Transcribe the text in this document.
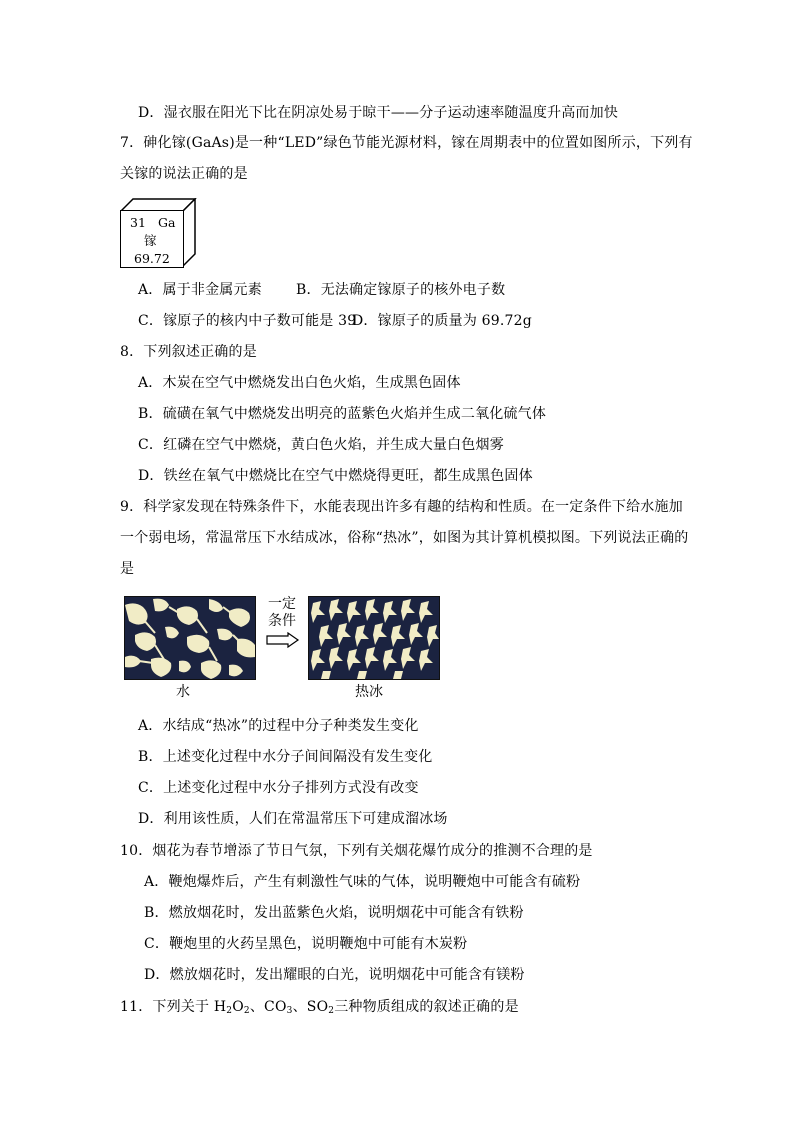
D．湿衣服在阳光下比在阴凉处易于晾干——分子运动速率随温度升高而加快
7．砷化镓(GaAs)是一种“LED”绿色节能光源材料，镓在周期表中的位置如图所示，下列有
关镓的说法正确的是
31 Ga
镓
69.72
A．属于非金属元素 B．无法确定镓原子的核外电子数
C．镓原子的核内中子数可能是 39
D．镓原子的质量为 69.72g
8．下列叙述正确的是
A．木炭在空气中燃烧发出白色火焰，生成黑色固体
B．硫磺在氧气中燃烧发出明亮的蓝紫色火焰并生成二氧化硫气体
C．红磷在空气中燃烧，黄白色火焰，并生成大量白色烟雾
D．铁丝在氧气中燃烧比在空气中燃烧得更旺，都生成黑色固体
9．科学家发现在特殊条件下，水能表现出许多有趣的结构和性质。在一定条件下给水施加
一个弱电场，常温常压下水结成冰，俗称“热冰”，如图为其计算机模拟图。下列说法正确的
是
水
一定
条件
热冰
A．水结成“热冰”的过程中分子种类发生变化
B．上述变化过程中水分子间间隔没有发生变化
C．上述变化过程中水分子排列方式没有改变
D．利用该性质，人们在常温常压下可建成溜冰场
10．烟花为春节增添了节日气氛，下列有关烟花爆竹成分的推测不合理的是
A．鞭炮爆炸后，产生有刺激性气味的气体，说明鞭炮中可能含有硫粉
B．燃放烟花时，发出蓝紫色火焰，说明烟花中可能含有铁粉
C．鞭炮里的火药呈黑色，说明鞭炮中可能有木炭粉
D．燃放烟花时，发出耀眼的白光，说明烟花中可能含有镁粉
11．下列关于 $H_2O_2$、$CO_3$、$SO_2$三种物质组成的叙述正确的是
